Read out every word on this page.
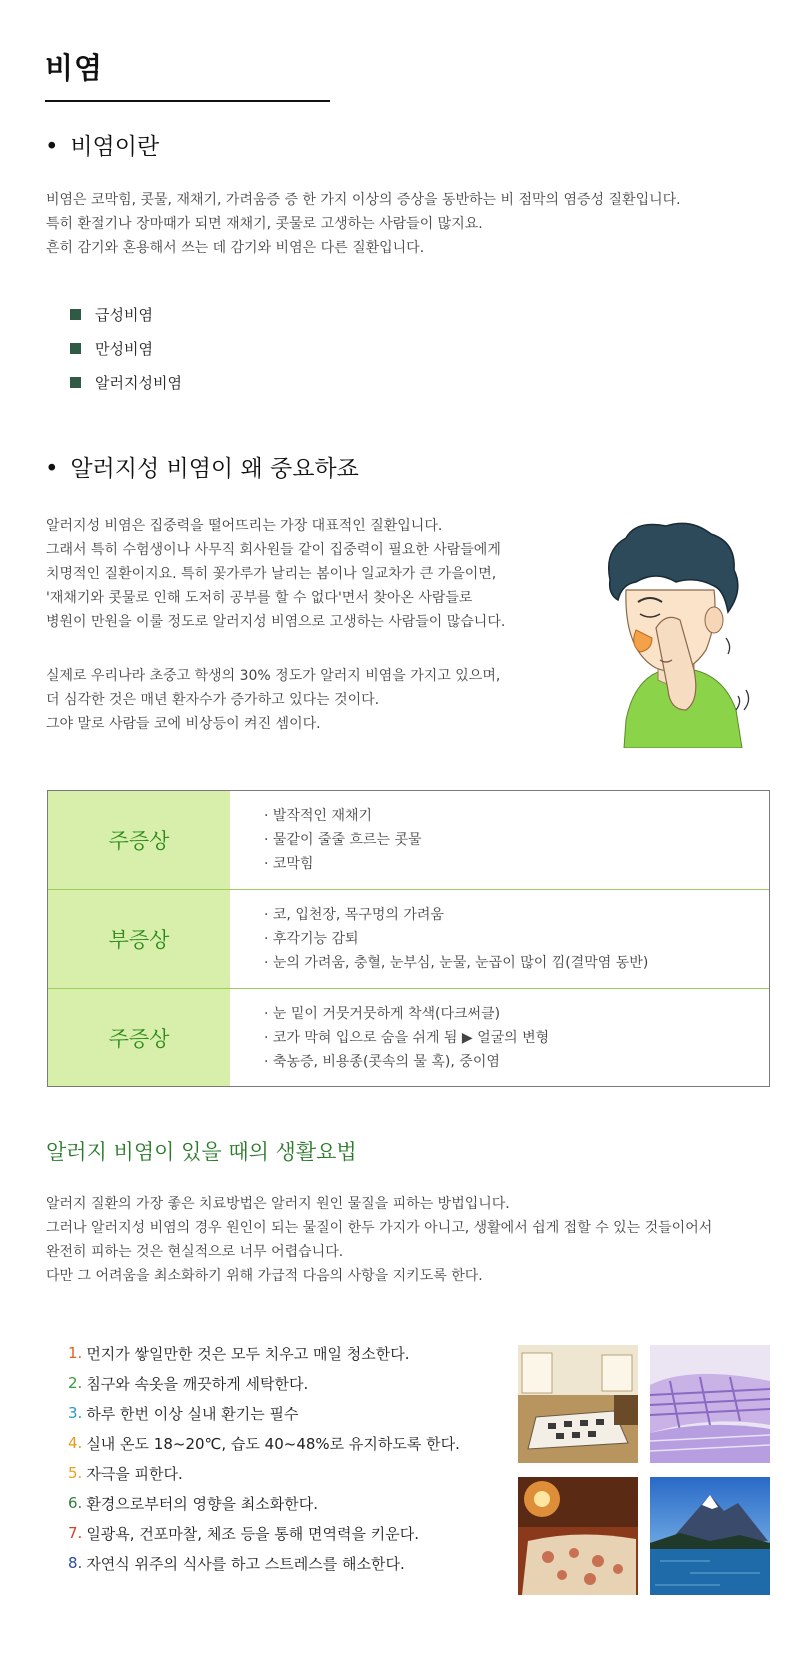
비염
• 비염이란

비염은 코막힘, 콧물, 재채기, 가려움증 증 한 가지 이상의 증상을 동반하는 비 점막의 염증성 질환입니다.

특히 환절기나 장마때가 되면 재채기, 콧물로 고생하는 사람들이 많지요.

흔히 감기와 혼용해서 쓰는 데 감기와 비염은 다른 질환입니다.

급성비염
만성비염
알러지성비염
• 알러지성 비염이 왜 중요하죠

알러지성 비염은 집중력을 떨어뜨리는 가장 대표적인 질환입니다.

그래서 특히 수험생이나 사무직 회사원들 같이 집중력이 필요한 사람들에게

치명적인 질환이지요. 특히 꽃가루가 날리는 봄이나 일교차가 큰 가을이면,

'재채기와 콧물로 인해 도저히 공부를 할 수 없다'면서 찾아온 사람들로

병원이 만원을 이룰 정도로 알러지성 비염으로 고생하는 사람들이 많습니다.

실제로 우리나라 초중고 학생의 30% 정도가 알러지 비염을 가지고 있으며,

더 심각한 것은 매년 환자수가 증가하고 있다는 것이다.

그야 말로 사람들 코에 비상등이 켜진 셈이다.

주증상
· 발작적인 재채기
· 물같이 줄줄 흐르는 콧물
· 코막힘
부증상
· 코, 입천장, 목구멍의 가려움
· 후각기능 감퇴
· 눈의 가려움, 충혈, 눈부심, 눈물, 눈곱이 많이 낌(결막염 동반)
주증상
· 눈 밑이 거뭇거뭇하게 착색(다크써클)
· 코가 막혀 입으로 숨을 쉬게 됨 ▶ 얼굴의 변형
· 축농증, 비용종(콧속의 물 혹), 중이염
알러지 비염이 있을 때의 생활요법

알러지 질환의 가장 좋은 치료방법은 알러지 원인 물질을 피하는 방법입니다.

그러나 알러지성 비염의 경우 원인이 되는 물질이 한두 가지가 아니고, 생활에서 쉽게 접할 수 있는 것들이어서

완전히 피하는 것은 현실적으로 너무 어렵습니다.

다만 그 어려움을 최소화하기 위해 가급적 다음의 사항을 지키도록 한다.

1. 먼지가 쌓일만한 것은 모두 치우고 매일 청소한다.
2. 침구와 속옷을 깨끗하게 세탁한다.
3. 하루 한번 이상 실내 환기는 필수
4. 실내 온도 18~20℃, 습도 40~48%로 유지하도록 한다.
5. 자극을 피한다.
6. 환경으로부터의 영향을 최소화한다.
7. 일광욕, 건포마찰, 체조 등을 통해 면역력을 키운다.
8. 자연식 위주의 식사를 하고 스트레스를 해소한다.
